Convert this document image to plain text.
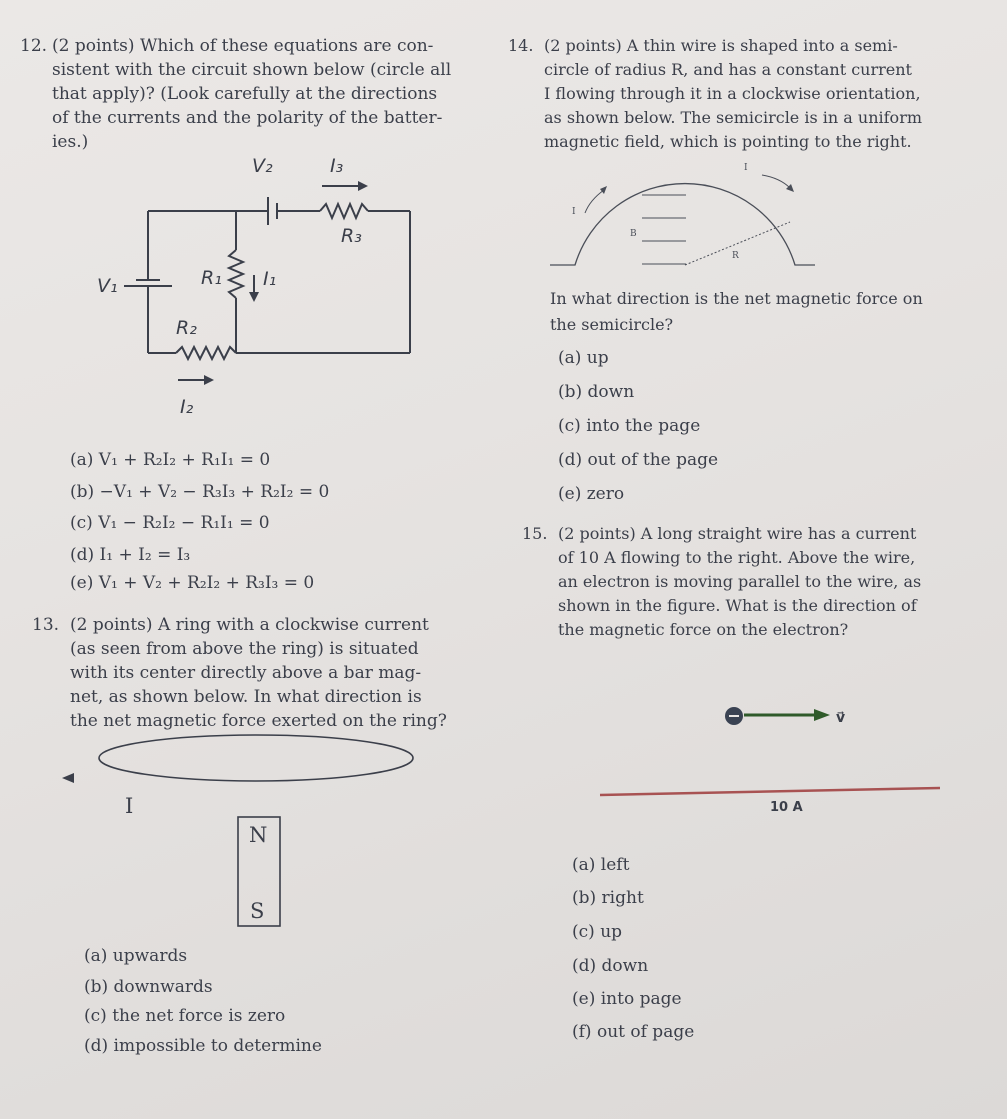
12. (2 points) Which of these equations are con-
sistent with the circuit shown below (circle all
that apply)? (Look carefully at the directions
of the currents and the polarity of the batter-
ies.)
V₂	I₃
R₃
V₁	R₁ I₁
R₂
I₂
(a) V₁ + R₂I₂ + R₁I₁ = 0
(b) −V₁ + V₂ − R₃I₃ + R₂I₂ = 0
(c) V₁ − R₂I₂ − R₁I₁ = 0
(d) I₁ + I₂ = I₃
(e) V₁ + V₂ + R₂I₂ + R₃I₃ = 0
13. (2 points) A ring with a clockwise current
(as seen from above the ring) is situated
with its center directly above a bar mag-
net, as shown below. In what direction is
the net magnetic force exerted on the ring?
I
N
S
(a) upwards
(b) downwards
(c) the net force is zero
(d) impossible to determine
14. (2 points) A thin wire is shaped into a semi-
circle of radius R, and has a constant current
I flowing through it in a clockwise orientation,
as shown below. The semicircle is in a uniform
magnetic field, which is pointing to the right.
I
I
B
R
In what direction is the net magnetic force on
the semicircle?
(a) up
(b) down
(c) into the page
(d) out of the page
(e) zero
15. (2 points) A long straight wire has a current
of 10 A flowing to the right. Above the wire,
an electron is moving parallel to the wire, as
shown in the figure. What is the direction of
the magnetic force on the electron?
v⃗
10 A
(a) left
(b) right
(c) up
(d) down
(e) into page
(f) out of page
